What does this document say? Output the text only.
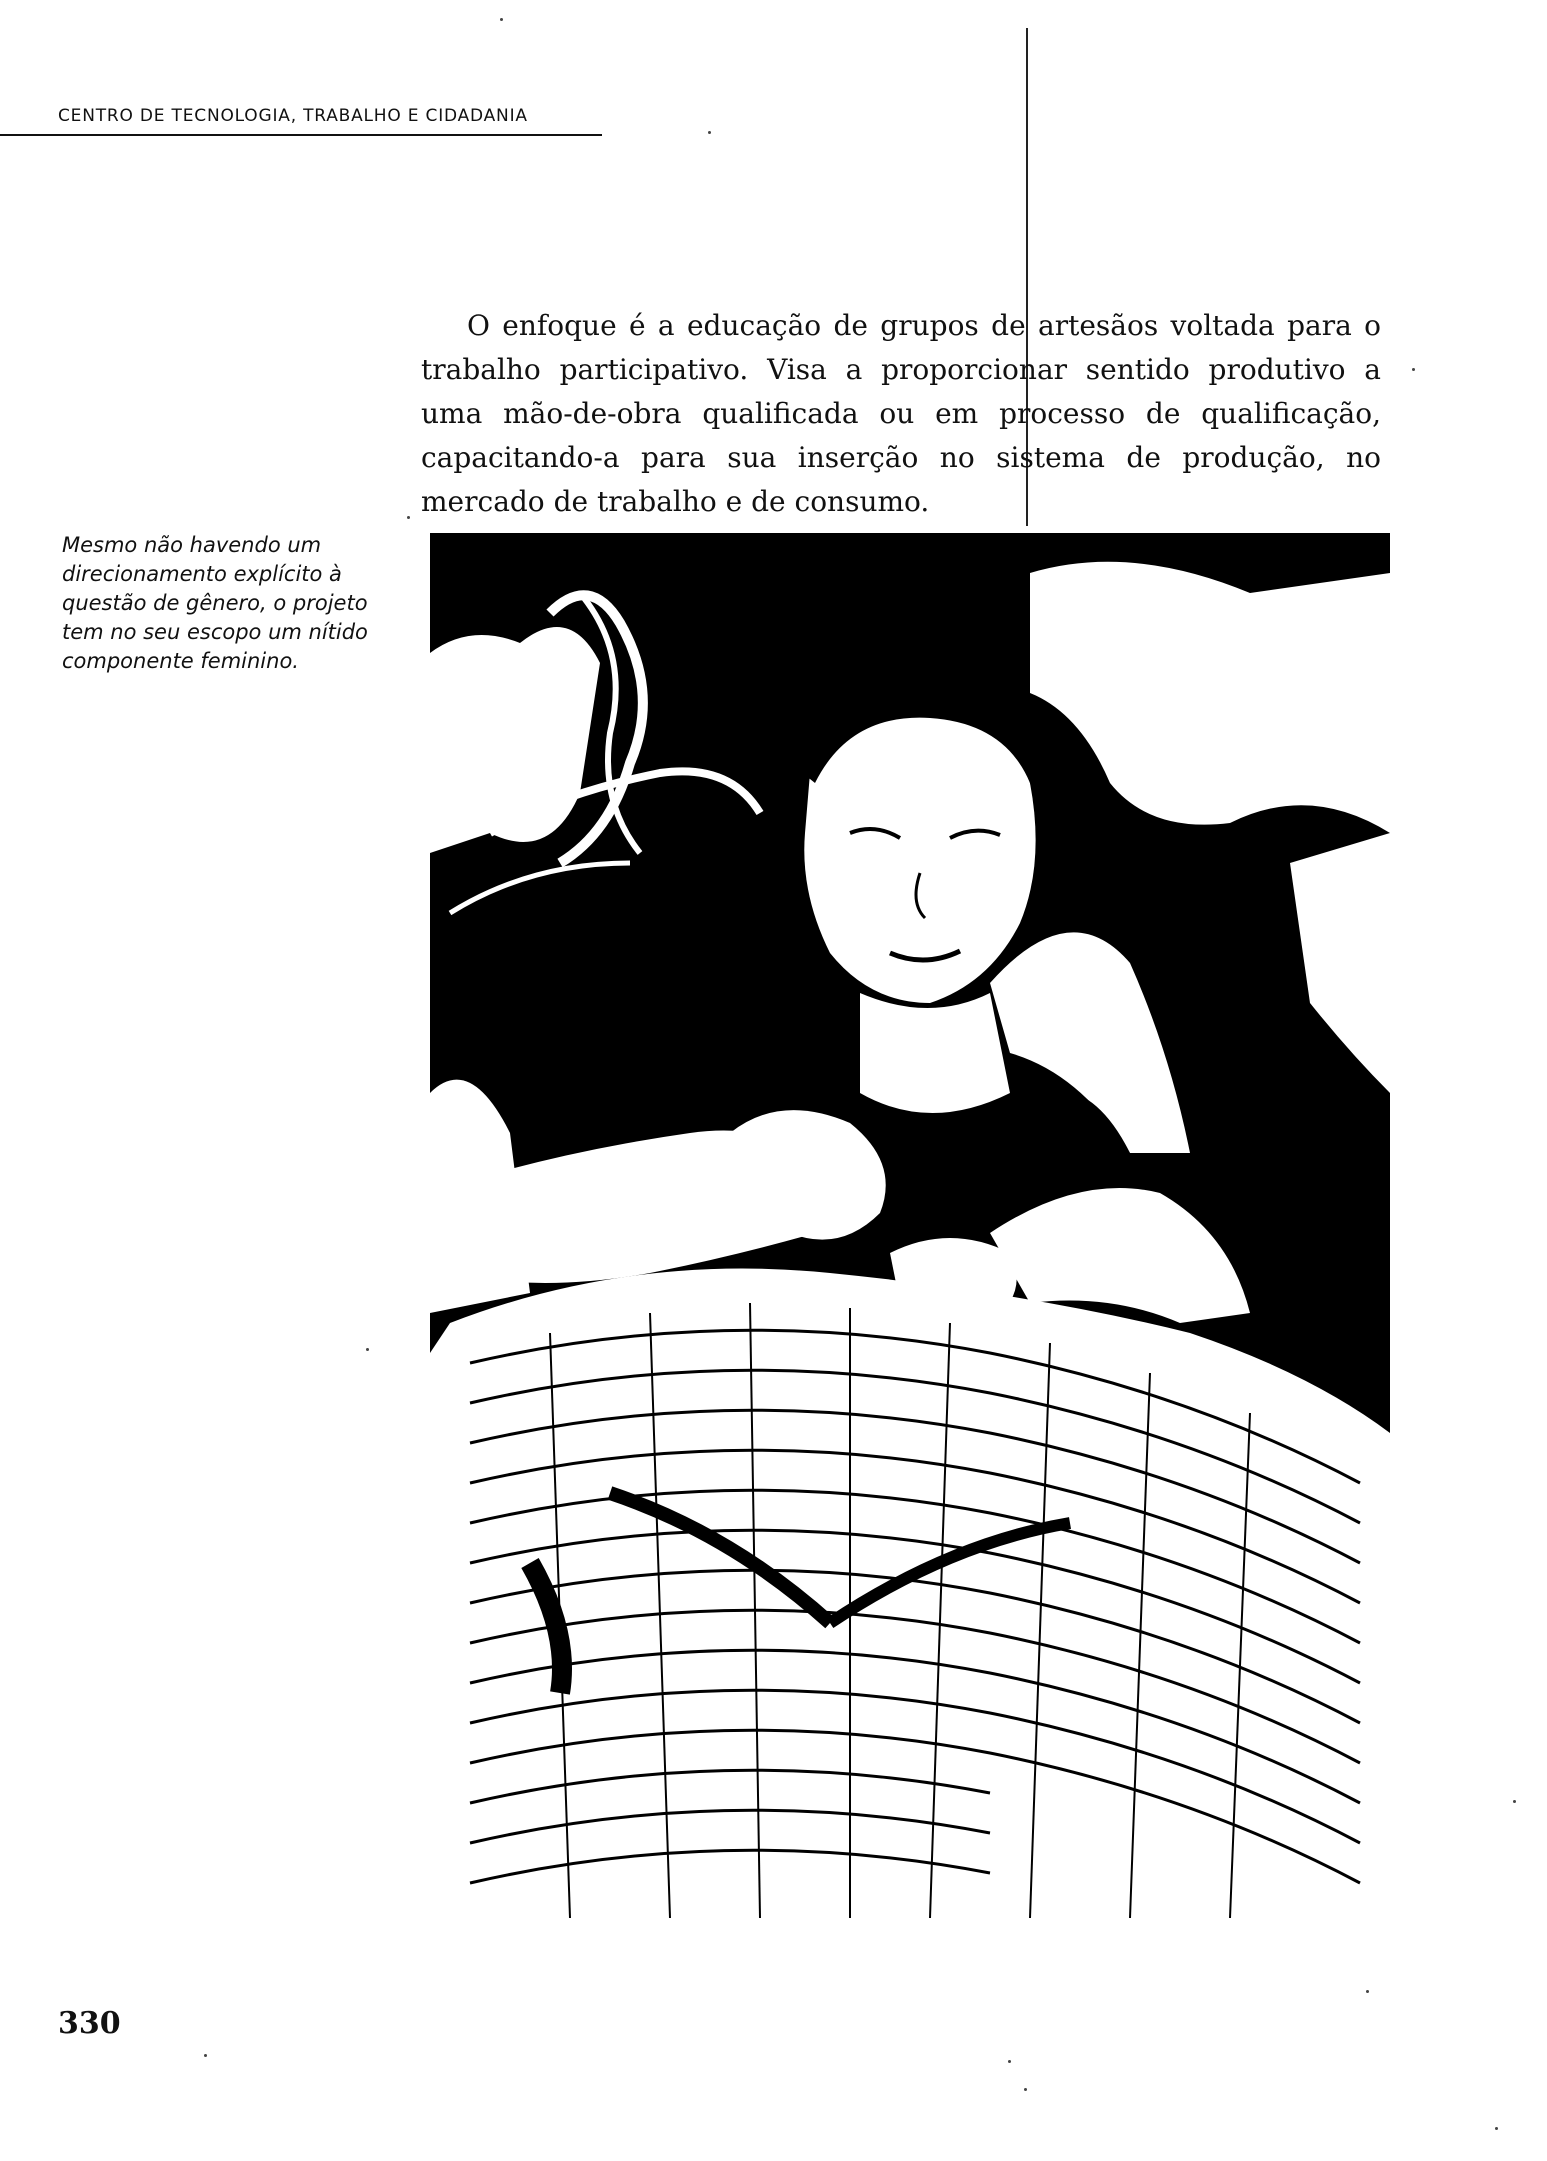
CENTRO DE TECNOLOGIA, TRABALHO E CIDADANIA

O enfoque é a educação de grupos de artesãos voltada para o trabalho participativo. Visa a proporcionar sentido produtivo a uma mão-de-obra qualificada ou em processo de qualificação, capacitando-a para sua inserção no sistema de produção, no mercado de trabalho e de consumo.

Mesmo não havendo um direcionamento explícito à questão de gênero, o projeto tem no seu escopo um nítido componente feminino.

330
